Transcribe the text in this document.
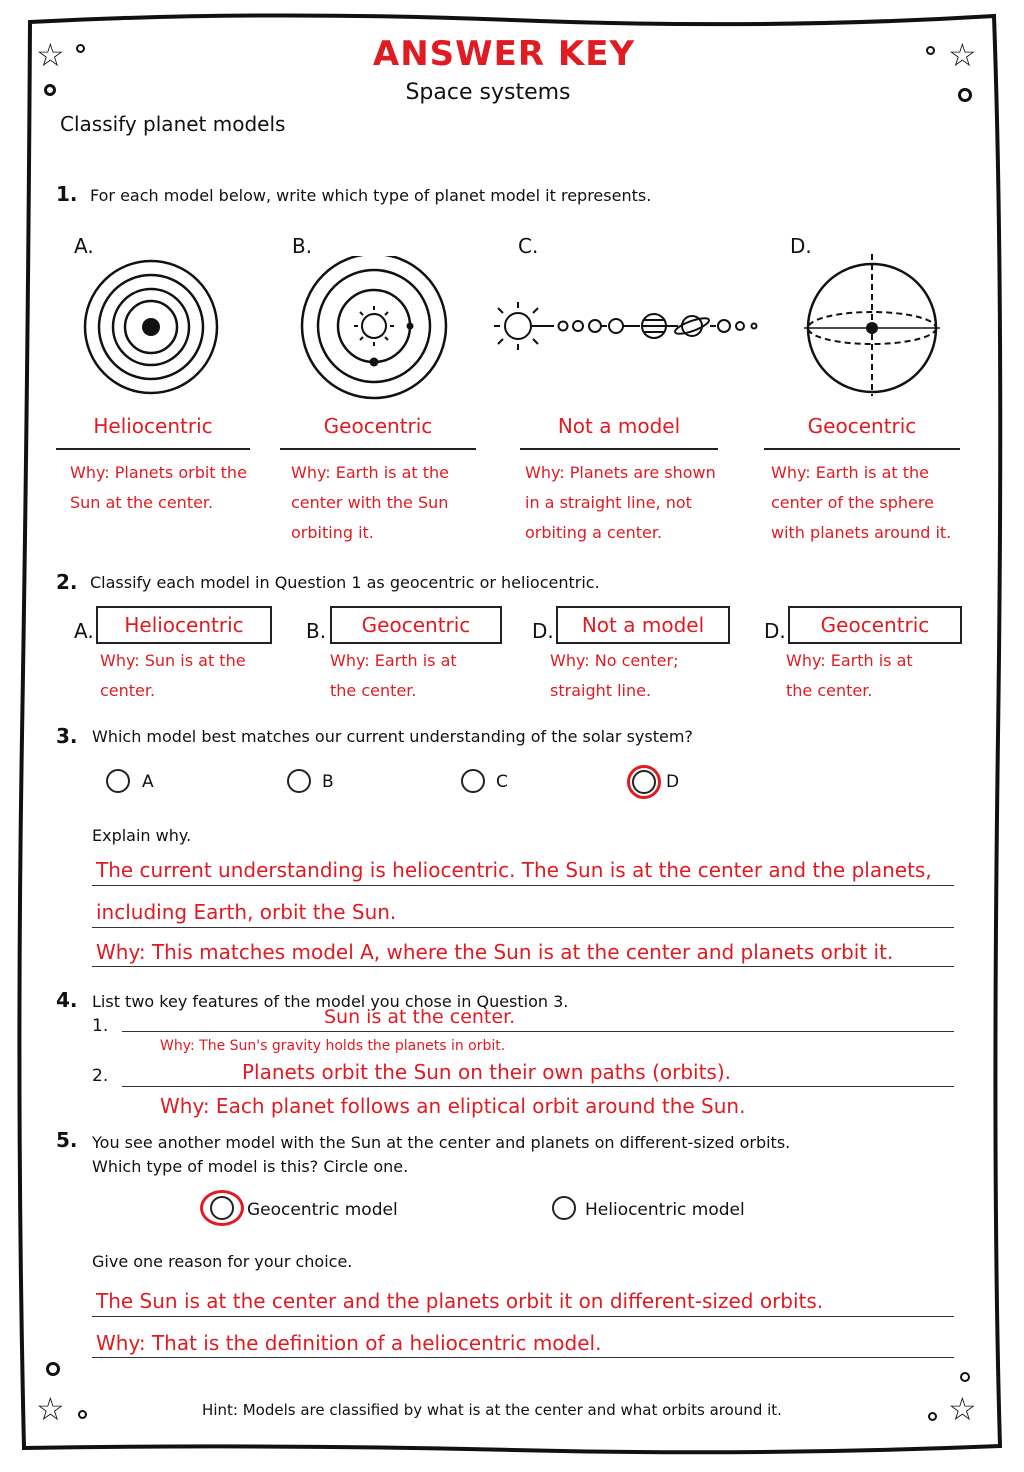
☆	☆
☆	☆
ANSWER KEY
Space systems
Classify planet models
1. For each model below, write which type of planet model it represents.
A.	B.	C.	D.
Heliocentric	Geocentric	Not a model	Geocentric
Why: Planets orbit the
Sun at the center.
Why: Earth is at the
center with the Sun
orbiting it.
Why: Planets are shown
in a straight line, not
orbiting a center.
Why: Earth is at the
center of the sphere
with planets around it.
2. Classify each model in Question 1 as geocentric or heliocentric.
A.	Heliocentric	B.	Geocentric	D.	Not a model	D.	Geocentric
Why: Sun is at the
center.
Why: Earth is at
the center.
Why: No center;
straight line.
Why: Earth is at
the center.
3. Which model best matches our current understanding of the solar system?
A	B	C	D
Explain why.
The current understanding is heliocentric. The Sun is at the center and the planets,
including Earth, orbit the Sun.
Why: This matches model A, where the Sun is at the center and planets orbit it.
4. List two key features of the model you chose in Question 3.
1.	Sun is at the center.
Why: The Sun's gravity holds the planets in orbit.
2.	Planets orbit the Sun on their own paths (orbits).
Why: Each planet follows an eliptical orbit around the Sun.
5. You see another model with the Sun at the center and planets on different-sized orbits.
Which type of model is this? Circle one.
Geocentric model	Heliocentric model
Give one reason for your choice.
The Sun is at the center and the planets orbit it on different-sized orbits.
Why: That is the definition of a heliocentric model.
Hint: Models are classified by what is at the center and what orbits around it.
